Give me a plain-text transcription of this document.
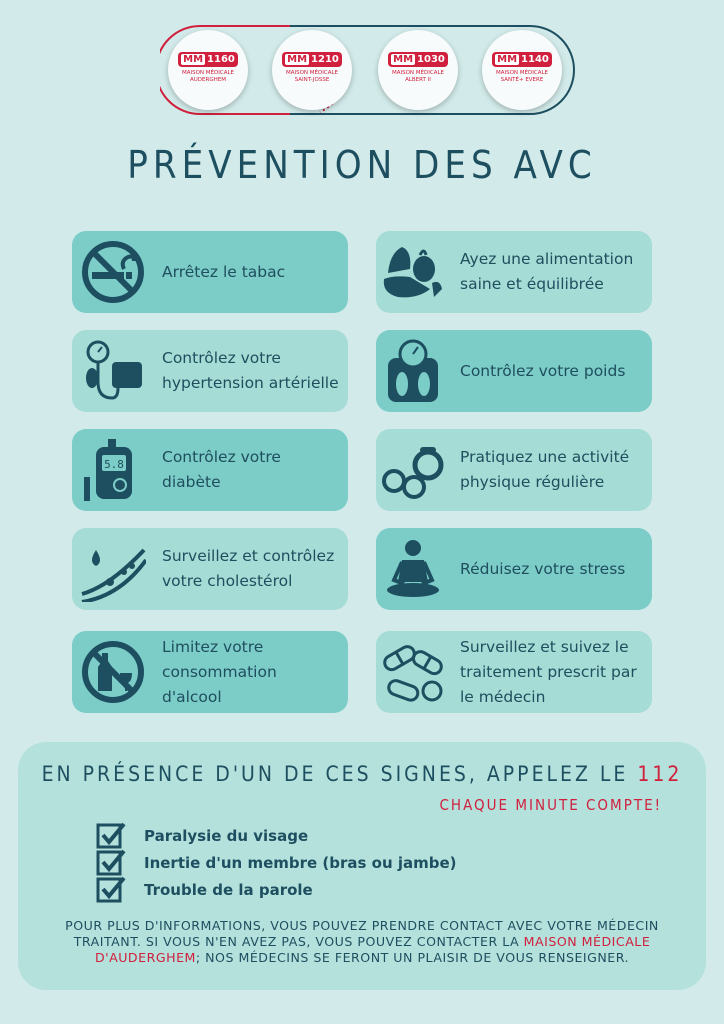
MM 1160
MAISON MÉDICALE
AUDERGHEM
MM 1210
MAISON MÉDICALE
SAINT-JOSSE
MM 1030
MAISON MÉDICALE
ALBERT II
MM 1140
MAISON MÉDICALE
SANTÉ+ EVERE
PRÉVENTION DES AVC
Arrêtez le tabac
Ayez une alimentation
saine et équilibrée
Contrôlez votre
hypertension artérielle
Contrôlez votre poids
5.8 Contrôlez votre
diabète
Pratiquez une activité
physique régulière
Surveillez et contrôlez
votre cholestérol
Réduisez votre stress
Limitez votre
consommation
d'alcool
Surveillez et suivez le
traitement prescrit par
le médecin
EN PRÉSENCE D'UN DE CES SIGNES, APPELEZ LE 112
CHAQUE MINUTE COMPTE!
Paralysie du visage
Inertie d'un membre (bras ou jambe)
Trouble de la parole
POUR PLUS D'INFORMATIONS, VOUS POUVEZ PRENDRE CONTACT AVEC VOTRE MÉDECIN TRAITANT. SI VOUS N'EN AVEZ PAS, VOUS POUVEZ CONTACTER LA MAISON MÉDICALE D'AUDERGHEM; NOS MÉDECINS SE FERONT UN PLAISIR DE VOUS RENSEIGNER.
